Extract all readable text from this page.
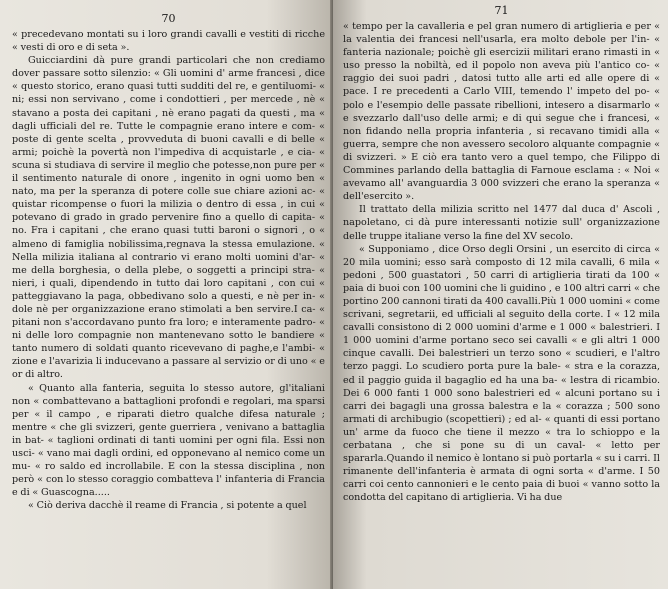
70

« precedevano montati su i loro grandi cavalli e vestiti di ricche « vesti di oro e di seta ».

Guicciardini dà pure grandi particolari che non crediamo dover passare sotto silenzio: « Gli uomini d' arme francesi , dice « questo storico, erano quasi tutti sudditi del re, e gentiluomi- « ni; essi non servivano , come i condottieri , per mercede , nè « stavano a posta dei capitani , nè erano pagati da questi , ma « dagli ufficiali del re. Tutte le compagnie erano intere e com- « poste di gente scelta , provveduta di buoni cavalli e di belle « armi; poichè la povertà non l'impediva di acquistarle , e cia- « scuna si studiava di servire il meglio che potesse,non pure per « il sentimento naturale di onore , ingenito in ogni uomo ben « nato, ma per la speranza di potere colle sue chiare azioni ac- « quistar ricompense o fuori la milizia o dentro di essa , in cui « potevano di grado in grado pervenire fino a quello di capita- « no. Fra i capitani , che erano quasi tutti baroni o signori , o « almeno di famiglia nobilissima,regnava la stessa emulazione. « Nella milizia italiana al contrario vi erano molti uomini d'ar- « me della borghesia, o della plebe, o soggetti a principi stra- « nieri, i quali, dipendendo in tutto dai loro capitani , con cui « patteggiavano la paga, obbedivano solo a questi, e nè per in- « dole nè per organizzazione erano stimolati a ben servire.I ca- « pitani non s'accordavano punto fra loro; e interamente padro- « ni delle loro compagnie non mantenevano sotto le bandiere « tanto numero di soldati quanto ricevevano di paghe,e l'ambi- « zione e l'avarizia li inducevano a passare al servizio or di uno « e or di altro.

« Quanto alla fanteria, seguita lo stesso autore, gl'italiani non « combattevano a battaglioni profondi e regolari, ma sparsi per « il campo , e riparati dietro qualche difesa naturale ; mentre « che gli svizzeri, gente guerriera , venivano a battaglia in bat- « taglioni ordinati di tanti uomini per ogni fila. Essi non usci- « vano mai dagli ordini, ed opponevano al nemico come un mu- « ro saldo ed incrollabile. E con la stessa disciplina , non però « con lo stesso coraggio combatteva l' infanteria di Francia e di « Guascogna.....

« Ciò deriva dacchè il reame di Francia , si potente a quel

71

« tempo per la cavalleria e pel gran numero di artiglieria e per « la valentia dei francesi nell'usarla, era molto debole per l'in- « fanteria nazionale; poichè gli esercizii militari erano rimasti in « uso presso la nobiltà, ed il popolo non aveva più l'antico co- « raggio dei suoi padri , datosi tutto alle arti ed alle opere di « pace. I re precedenti a Carlo VIII, temendo l' impeto del po- « polo e l'esempio delle passate ribellioni, intesero a disarmarlo « e svezzarlo dall'uso delle armi; e di qui segue che i francesi, « non fidando nella propria infanteria , si recavano timidi alla « guerra, sempre che non avessero secoloro alquante compagnie « di svizzeri. » E ciò era tanto vero a quel tempo, che Filippo di Commines parlando della battaglia di Farnoue esclama : « Noi « avevamo all' avanguardia 3 000 svizzeri che erano la speranza « dell'esercito ».

Il trattato della milizia scritto nel 1477 dal duca d' Ascoli , napoletano, ci dà pure interessanti notizie sull' organizzazione delle truppe italiane verso la fine del XV secolo.

« Supponiamo , dice Orso degli Orsini , un esercito di circa « 20 mila uomini; esso sarà composto di 12 mila cavalli, 6 mila « pedoni , 500 guastatori , 50 carri di artiglieria tirati da 100 « paia di buoi con 100 uomini che li guidino , e 100 altri carri « che portino 200 cannoni tirati da 400 cavalli.Più 1 000 uomini « come scrivani, segretarii, ed ufficiali al seguito della corte. I « 12 mila cavalli consistono di 2 000 uomini d'arme e 1 000 « balestrieri. I 1 000 uomini d'arme portano seco sei cavalli « e gli altri 1 000 cinque cavalli. Dei balestrieri un terzo sono « scudieri, e l'altro terzo paggi. Lo scudiero porta pure la bale- « stra e la corazza, ed il paggio guida il bagaglio ed ha una ba- « lestra di ricambio. Dei 6 000 fanti 1 000 sono balestrieri ed « alcuni portano su i carri dei bagagli una grossa balestra e la « corazza ; 500 sono armati di archibugio (scopettieri) ; ed al- « quanti di essi portano un' arme da fuoco che tiene il mezzo « tra lo schioppo e la cerbatana , che si pone su di un caval- « letto per spararla.Quando il nemico è lontano si può portarla « su i carri. Il rimanente dell'infanteria è armata di ogni sorta « d'arme. I 50 carri coi cento cannonieri e le cento paia di buoi « vanno sotto la condotta del capitano di artiglieria. Vi ha due
